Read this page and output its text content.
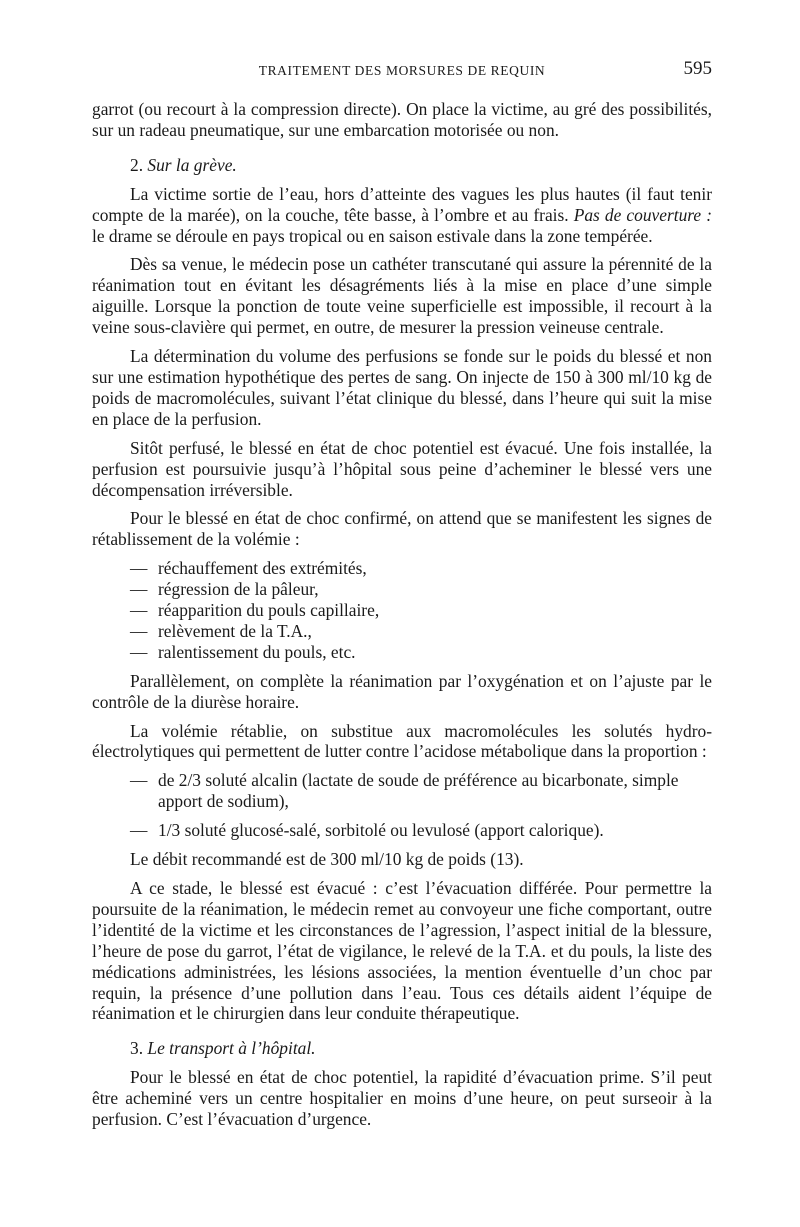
TRAITEMENT DES MORSURES DE REQUIN	595

garrot (ou recourt à la compression directe). On place la victime, au gré des possibilités, sur un radeau pneumatique, sur une embarcation motorisée ou non.

2. Sur la grève.

La victime sortie de l’eau, hors d’atteinte des vagues les plus hautes (il faut tenir compte de la marée), on la couche, tête basse, à l’ombre et au frais. Pas de couverture : le drame se déroule en pays tropical ou en saison estivale dans la zone tempérée.

Dès sa venue, le médecin pose un cathéter transcutané qui assure la pérennité de la réanimation tout en évitant les désagréments liés à la mise en place d’une simple aiguille. Lorsque la ponction de toute veine superficielle est impossible, il recourt à la veine sous-clavière qui permet, en outre, de mesurer la pression veineuse centrale.

La détermination du volume des perfusions se fonde sur le poids du blessé et non sur une estimation hypothétique des pertes de sang. On injecte de 150 à 300 ml/10 kg de poids de macromolécules, suivant l’état clinique du blessé, dans l’heure qui suit la mise en place de la perfusion.

Sitôt perfusé, le blessé en état de choc potentiel est évacué. Une fois installée, la perfusion est poursuivie jusqu’à l’hôpital sous peine d’acheminer le blessé vers une décompensation irréversible.

Pour le blessé en état de choc confirmé, on attend que se manifestent les signes de rétablissement de la volémie :

— réchauffement des extrémités,
— régression de la pâleur,
— réapparition du pouls capillaire,
— relèvement de la T.A.,
— ralentissement du pouls, etc.

Parallèlement, on complète la réanimation par l’oxygénation et on l’ajuste par le contrôle de la diurèse horaire.

La volémie rétablie, on substitue aux macromolécules les solutés hydro-électrolytiques qui permettent de lutter contre l’acidose métabolique dans la proportion :

— de 2/3 soluté alcalin (lactate de soude de préférence au bicarbonate, simple apport de sodium),
— 1/3 soluté glucosé-salé, sorbitolé ou levulosé (apport calorique).

Le débit recommandé est de 300 ml/10 kg de poids (13).

A ce stade, le blessé est évacué : c’est l’évacuation différée. Pour permettre la poursuite de la réanimation, le médecin remet au convoyeur une fiche comportant, outre l’identité de la victime et les circonstances de l’agression, l’aspect initial de la blessure, l’heure de pose du garrot, l’état de vigilance, le relevé de la T.A. et du pouls, la liste des médications administrées, les lésions associées, la mention éventuelle d’un choc par requin, la présence d’une pollution dans l’eau. Tous ces détails aident l’équipe de réanimation et le chirurgien dans leur conduite thérapeutique.

3. Le transport à l’hôpital.

Pour le blessé en état de choc potentiel, la rapidité d’évacuation prime. S’il peut être acheminé vers un centre hospitalier en moins d’une heure, on peut surseoir à la perfusion. C’est l’évacuation d’urgence.
